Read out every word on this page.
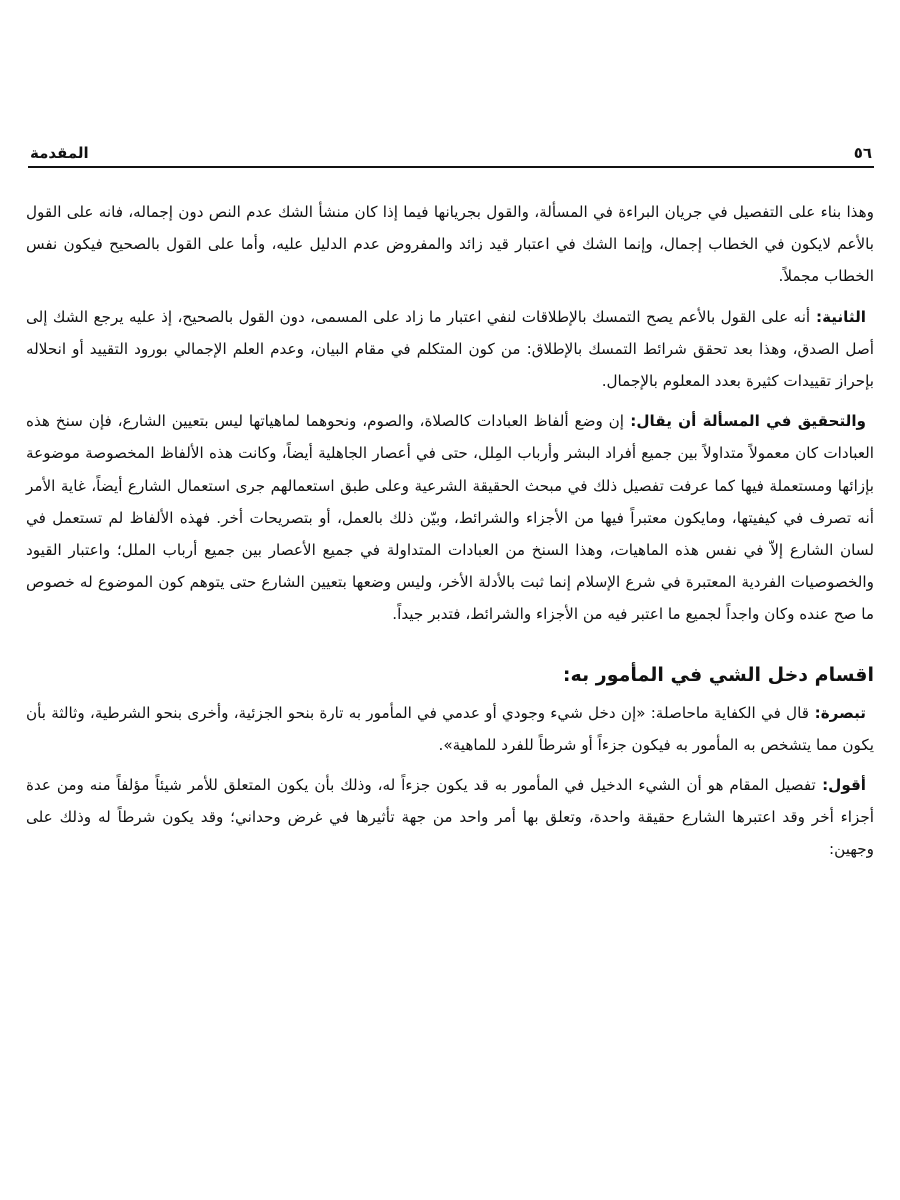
المقدمة	٥٦

وهذا بناء على التفصيل في جريان البراءة في المسألة، والقول بجريانها فيما إذا كان منشأ الشك عدم النص دون إجماله، فانه على القول بالأعم لايكون في الخطاب إجمال، وإنما الشك في اعتبار قيد زائد والمفروض عدم الدليل عليه، وأما على القول بالصحيح فيكون نفس الخطاب مجملاً.

الثانية: أنه على القول بالأعم يصح التمسك بالإطلاقات لنفي اعتبار ما زاد على المسمى، دون القول بالصحيح، إذ عليه يرجع الشك إلى أصل الصدق، وهذا بعد تحقق شرائط التمسك بالإطلاق: من كون المتكلم في مقام البيان، وعدم العلم الإجمالي بورود التقييد أو انحلاله بإحراز تقييدات كثيرة بعدد المعلوم بالإجمال.

والتحقيق في المسألة أن يقال: إن وضع ألفاظ العبادات كالصلاة، والصوم، ونحوهما لماهياتها ليس بتعيين الشارع، فإن سنخ هذه العبادات كان معمولاً متداولاً بين جميع أفراد البشر وأرباب المِلل، حتى في أعصار الجاهلية أيضاً، وكانت هذه الألفاظ المخصوصة موضوعة بإزائها ومستعملة فيها كما عرفت تفصيل ذلك في مبحث الحقيقة الشرعية وعلى طبق استعمالهم جرى استعمال الشارع أيضاً، غاية الأمر أنه تصرف في كيفيتها، ومايكون معتبراً فيها من الأجزاء والشرائط، وبيّن ذلك بالعمل، أو بتصريحات أخر. فهذه الألفاظ لم تستعمل في لسان الشارع إلاّ في نفس هذه الماهيات، وهذا السنخ من العبادات المتداولة في جميع الأعصار بين جميع أرباب الملل؛ واعتبار القيود والخصوصيات الفردية المعتبرة في شرع الإسلام إنما ثبت بالأدلة الأخر، وليس وضعها بتعيين الشارع حتى يتوهم كون الموضوع له خصوص ما صح عنده وكان واجداً لجميع ما اعتبر فيه من الأجزاء والشرائط، فتدبر جيداً.

اقسام دخل الشي في المأمور به:

تبصرة: قال في الكفاية ماحاصلة: «إن دخل شيء وجودي أو عدمي في المأمور به تارة بنحو الجزئية، وأخرى بنحو الشرطية، وثالثة بأن يكون مما يتشخص به المأمور به فيكون جزءاً أو شرطاً للفرد للماهية».

أقول: تفصيل المقام هو أن الشيء الدخيل في المأمور به قد يكون جزءاً له، وذلك بأن يكون المتعلق للأمر شيئاً مؤلفاً منه ومن عدة أجزاء أخر وقد اعتبرها الشارع حقيقة واحدة، وتعلق بها أمر واحد من جهة تأثيرها في غرض وحداني؛ وقد يكون شرطاً له وذلك على وجهين:
